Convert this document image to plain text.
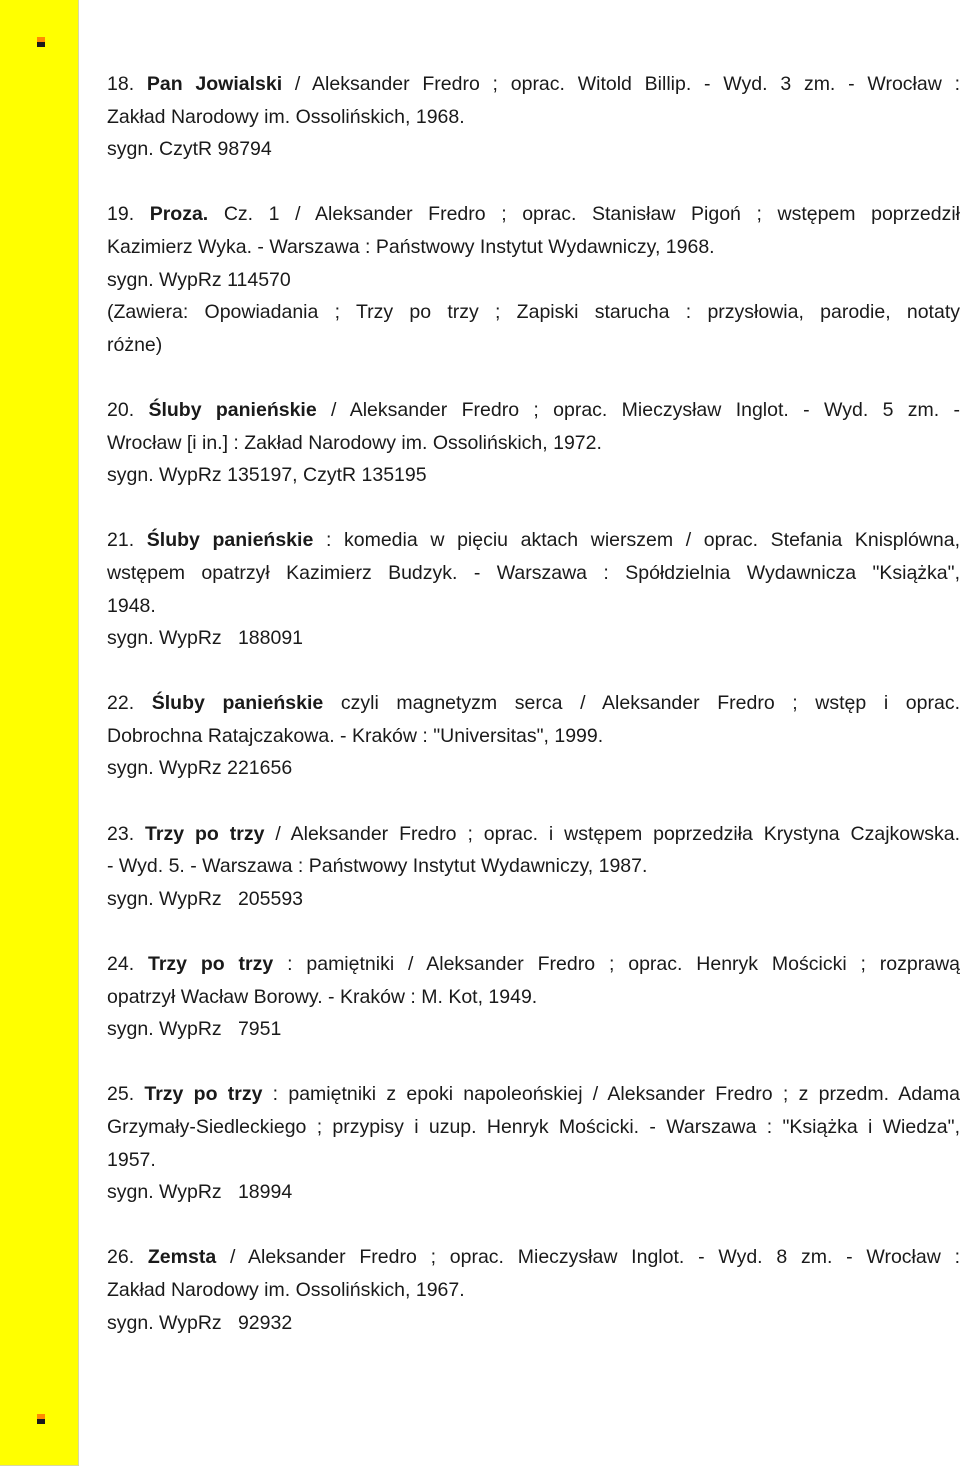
18. Pan Jowialski / Aleksander Fredro ; oprac. Witold Billip. - Wyd. 3 zm. - Wrocław :

Zakład Narodowy im. Ossolińskich, 1968.

sygn. CzytR 98794

19. Proza. Cz. 1 / Aleksander Fredro ; oprac. Stanisław Pigoń ; wstępem poprzedził

Kazimierz Wyka. - Warszawa : Państwowy Instytut Wydawniczy, 1968.

sygn. WypRz 114570

(Zawiera: Opowiadania ; Trzy po trzy ; Zapiski starucha : przysłowia, parodie, notaty

różne)

20. Śluby panieńskie / Aleksander Fredro ; oprac. Mieczysław Inglot. - Wyd. 5 zm. -

Wrocław [i in.] : Zakład Narodowy im. Ossolińskich, 1972.

sygn. WypRz 135197, CzytR 135195

21. Śluby panieńskie : komedia w pięciu aktach wierszem / oprac. Stefania Knisplówna,

wstępem opatrzył Kazimierz Budzyk. - Warszawa : Spółdzielnia Wydawnicza "Książka",

1948.

sygn. WypRz   188091

22. Śluby panieńskie czyli magnetyzm serca / Aleksander Fredro ; wstęp i oprac.

Dobrochna Ratajczakowa. - Kraków : "Universitas", 1999.

sygn. WypRz 221656

23. Trzy po trzy / Aleksander Fredro ; oprac. i wstępem poprzedziła Krystyna Czajkowska.

- Wyd. 5. - Warszawa : Państwowy Instytut Wydawniczy, 1987.

sygn. WypRz   205593

24. Trzy po trzy : pamiętniki / Aleksander Fredro ; oprac. Henryk Mościcki ; rozprawą

opatrzył Wacław Borowy. - Kraków : M. Kot, 1949.

sygn. WypRz   7951

25. Trzy po trzy : pamiętniki z epoki napoleońskiej / Aleksander Fredro ; z przedm. Adama

Grzymały-Siedleckiego ; przypisy i uzup. Henryk Mościcki. - Warszawa : "Książka i Wiedza",

1957.

sygn. WypRz   18994

26. Zemsta / Aleksander Fredro ; oprac. Mieczysław Inglot. - Wyd. 8 zm. - Wrocław :

Zakład Narodowy im. Ossolińskich, 1967.

sygn. WypRz   92932
